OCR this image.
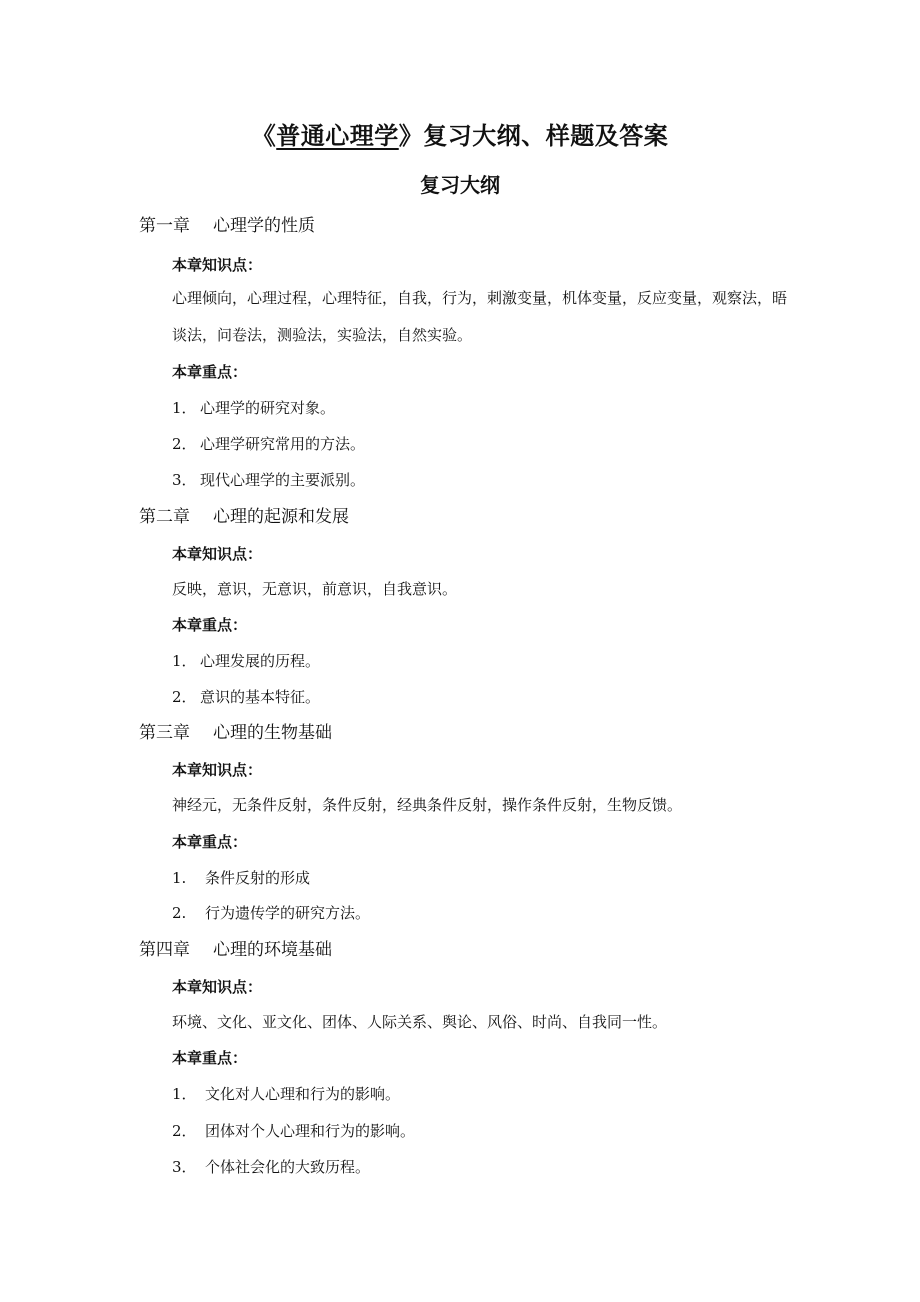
《普通心理学》复习大纲、样题及答案
复习大纲
第一章 心理学的性质
本章知识点：
心理倾向，心理过程，心理特征，自我，行为，刺激变量，机体变量，反应变量，观察法，晤谈法，问卷法，测验法，实验法，自然实验。
本章重点：
1． 心理学的研究对象。
2． 心理学研究常用的方法。
3． 现代心理学的主要派别。
第二章 心理的起源和发展
本章知识点：
反映，意识，无意识，前意识，自我意识。
本章重点：
1． 心理发展的历程。
2． 意识的基本特征。
第三章 心理的生物基础
本章知识点：
神经元，无条件反射，条件反射，经典条件反射，操作条件反射，生物反馈。
本章重点：
1. 条件反射的形成
2. 行为遗传学的研究方法。
第四章 心理的环境基础
本章知识点：
环境、文化、亚文化、团体、人际关系、舆论、风俗、时尚、自我同一性。
本章重点：
1． 文化对人心理和行为的影响。
2． 团体对个人心理和行为的影响。
3． 个体社会化的大致历程。
